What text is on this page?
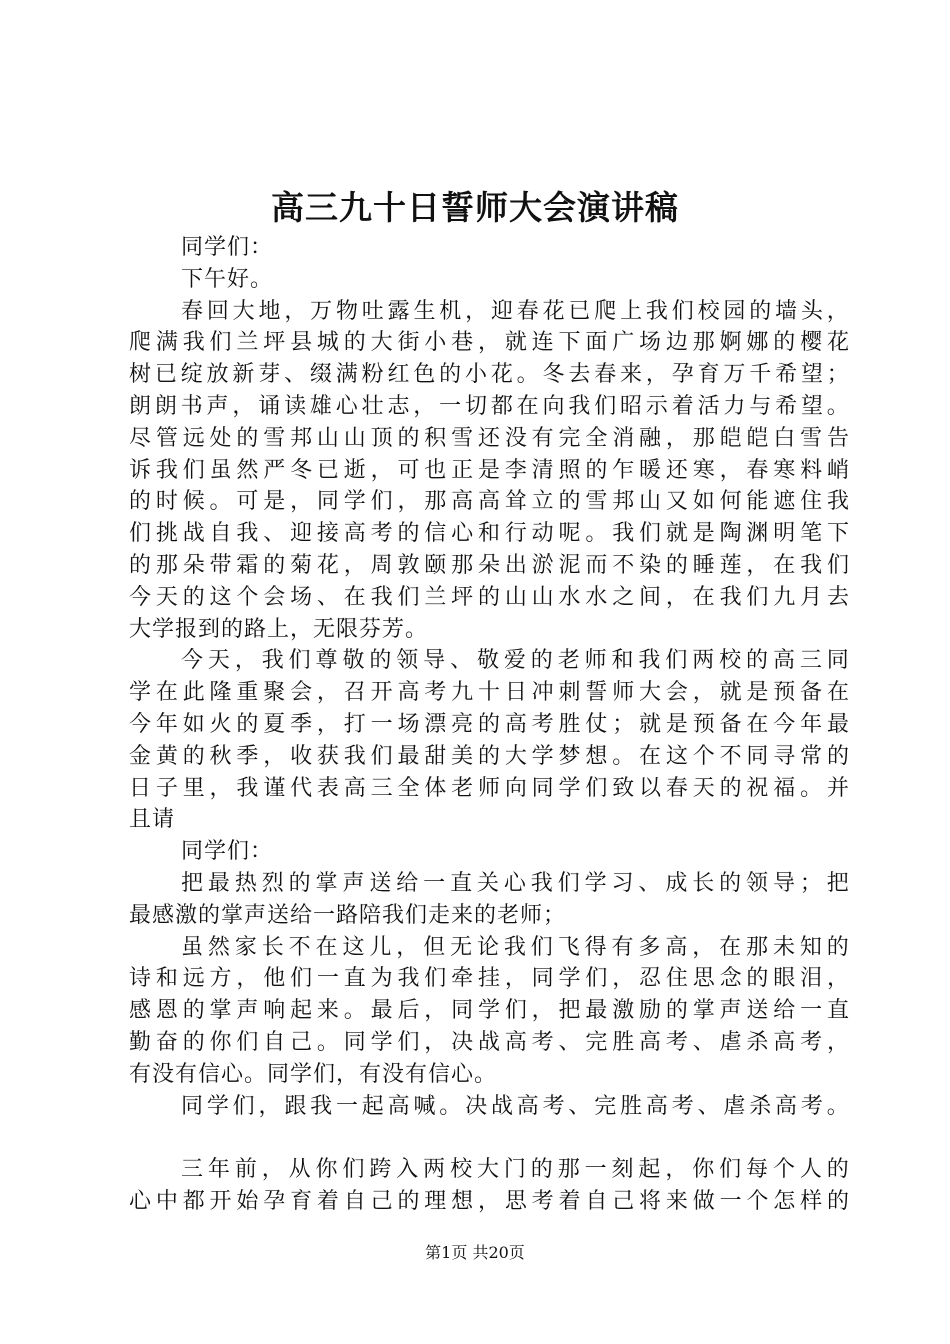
高三九十日誓师大会演讲稿
同学们：
下午好。
春 回 大 地 ， 万 物 吐 露 生 机 ， 迎 春 花 已 爬 上 我 们 校 园 的 墙 头 ，
爬 满 我 们 兰 坪 县 城 的 大 街 小 巷 ， 就 连 下 面 广 场 边 那 婀 娜 的 樱 花
树 已 绽 放 新 芽 、 缀 满 粉 红 色 的 小 花 。 冬 去 春 来 ， 孕 育 万 千 希 望 ；
朗 朗 书 声 ， 诵 读 雄 心 壮 志 ， 一 切 都 在 向 我 们 昭 示 着 活 力 与 希 望 。
尽 管 远 处 的 雪 邦 山 山 顶 的 积 雪 还 没 有 完 全 消 融 ， 那 皑 皑 白 雪 告
诉 我 们 虽 然 严 冬 已 逝 ， 可 也 正 是 李 清 照 的 乍 暖 还 寒 ， 春 寒 料 峭
的 时 候 。 可 是 ， 同 学 们 ， 那 高 高 耸 立 的 雪 邦 山 又 如 何 能 遮 住 我
们 挑 战 自 我 、 迎 接 高 考 的 信 心 和 行 动 呢 。 我 们 就 是 陶 渊 明 笔 下
的 那 朵 带 霜 的 菊 花 ， 周 敦 颐 那 朵 出 淤 泥 而 不 染 的 睡 莲 ， 在 我 们
今 天 的 这 个 会 场 、 在 我 们 兰 坪 的 山 山 水 水 之 间 ， 在 我 们 九 月 去
大学报到的路上，无限芬芳。
今 天 ， 我 们 尊 敬 的 领 导 、 敬 爱 的 老 师 和 我 们 两 校 的 高 三 同
学 在 此 隆 重 聚 会 ， 召 开 高 考 九 十 日 冲 刺 誓 师 大 会 ， 就 是 预 备 在
今 年 如 火 的 夏 季 ， 打 一 场 漂 亮 的 高 考 胜 仗 ； 就 是 预 备 在 今 年 最
金 黄 的 秋 季 ， 收 获 我 们 最 甜 美 的 大 学 梦 想 。 在 这 个 不 同 寻 常 的
日 子 里 ， 我 谨 代 表 高 三 全 体 老 师 向 同 学 们 致 以 春 天 的 祝 福 。 并
且请
同学们：
把 最 热 烈 的 掌 声 送 给 一 直 关 心 我 们 学 习 、 成 长 的 领 导 ； 把
最感激的掌声送给一路陪我们走来的老师；
虽 然 家 长 不 在 这 儿 ， 但 无 论 我 们 飞 得 有 多 高 ， 在 那 未 知 的
诗 和 远 方 ， 他 们 一 直 为 我 们 牵 挂 ， 同 学 们 ， 忍 住 思 念 的 眼 泪 ，
感 恩 的 掌 声 响 起 来 。 最 后 ， 同 学 们 ， 把 最 激 励 的 掌 声 送 给 一 直
勤 奋 的 你 们 自 己 。 同 学 们 ， 决 战 高 考 、 完 胜 高 考 、 虐 杀 高 考 ，
有没有信心。同学们，有没有信心。
同 学 们 ， 跟 我 一 起 高 喊 。 决 战 高 考 、 完 胜 高 考 、 虐 杀 高 考 。
三 年 前 ， 从 你 们 跨 入 两 校 大 门 的 那 一 刻 起 ， 你 们 每 个 人 的
心 中 都 开 始 孕 育 着 自 己 的 理 想 ， 思 考 着 自 己 将 来 做 一 个 怎 样 的
第1页 共20页
